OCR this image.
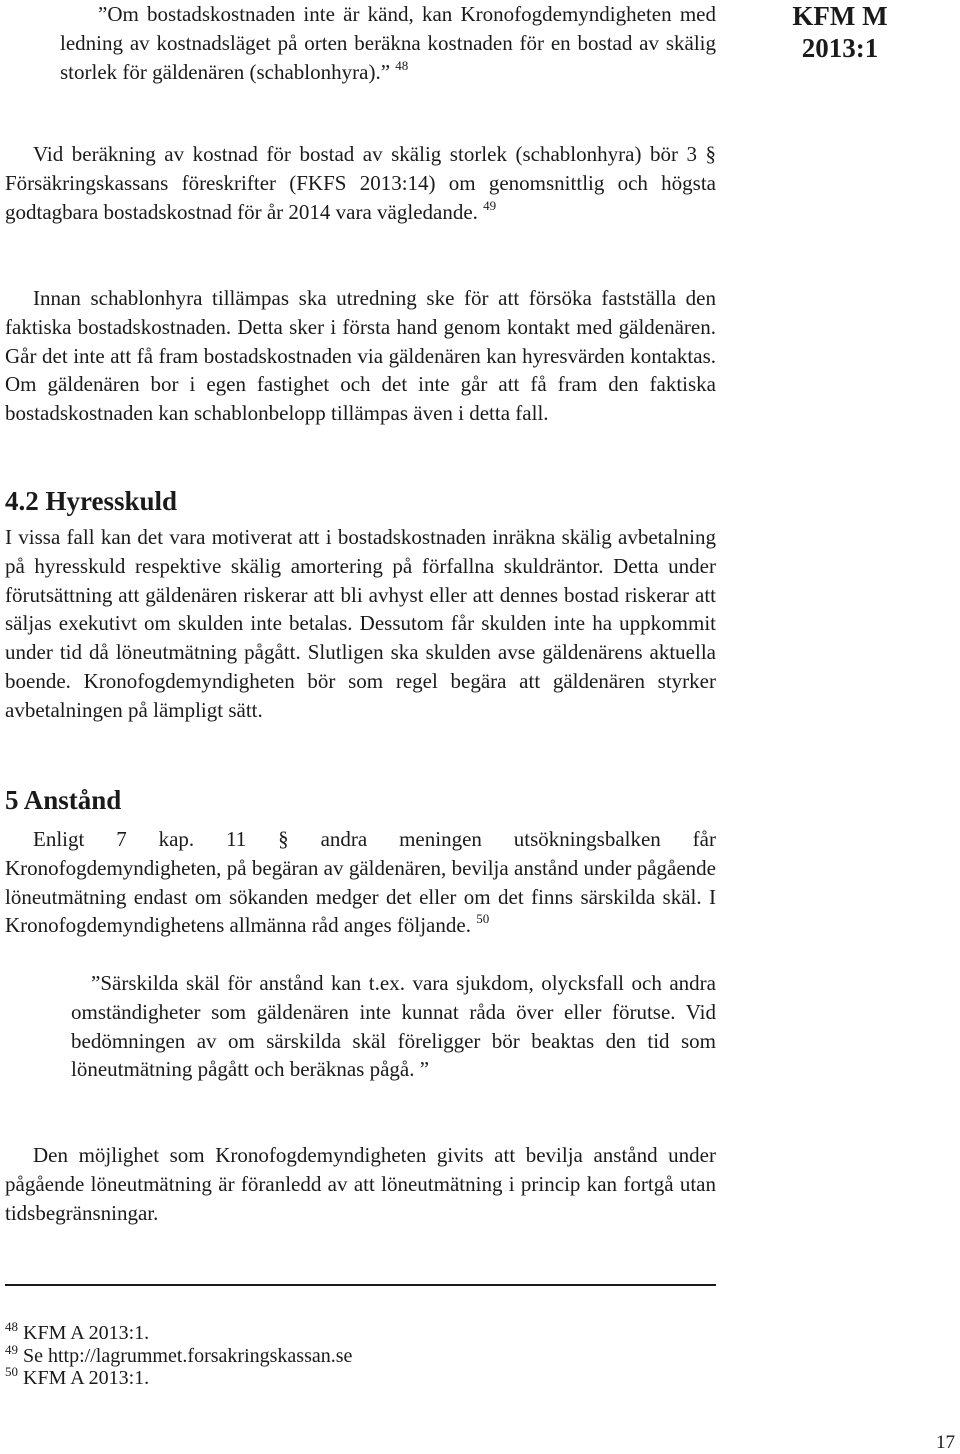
KFM M
2013:1

”Om bostadskostnaden inte är känd, kan Kronofogdemyndigheten med ledning av kostnadsläget på orten beräkna kostnaden för en bostad av skälig storlek för gäldenären (schablonhyra).” $^{48}$

Vid beräkning av kostnad för bostad av skälig storlek (schablonhyra) bör 3 § Försäkringskassans föreskrifter (FKFS 2013:14) om genomsnittlig och högsta godtagbara bostadskostnad för år 2014 vara vägledande. $^{49}$

Innan schablonhyra tillämpas ska utredning ske för att försöka fastställa den faktiska bostadskostnaden. Detta sker i första hand genom kontakt med gäldenären. Går det inte att få fram bostadskostnaden via gäldenären kan hyresvärden kontaktas. Om gäldenären bor i egen fastighet och det inte går att få fram den faktiska bostadskostnaden kan schablonbelopp tillämpas även i detta fall.

4.2 Hyresskuld

I vissa fall kan det vara motiverat att i bostadskostnaden inräkna skälig avbetalning på hyresskuld respektive skälig amortering på förfallna skuldräntor. Detta under förutsättning att gäldenären riskerar att bli avhyst eller att dennes bostad riskerar att säljas exekutivt om skulden inte betalas. Dessutom får skulden inte ha uppkommit under tid då löneutmätning pågått. Slutligen ska skulden avse gäldenärens aktuella boende. Kronofogdemyndigheten bör som regel begära att gäldenären styrker avbetalningen på lämpligt sätt.

5 Anstånd

Enligt 7 kap. 11 § andra meningen utsökningsbalken får Kronofogdemyndigheten, på begäran av gäldenären, bevilja anstånd under pågående löneutmätning endast om sökanden medger det eller om det finns särskilda skäl. I Kronofogdemyndighetens allmänna råd anges följande. $^{50}$

”Särskilda skäl för anstånd kan t.ex. vara sjukdom, olycksfall och andra omständigheter som gäldenären inte kunnat råda över eller förutse. Vid bedömningen av om särskilda skäl föreligger bör beaktas den tid som löneutmätning pågått och beräknas pågå. ”

Den möjlighet som Kronofogdemyndigheten givits att bevilja anstånd under pågående löneutmätning är föranledd av att löneutmätning i princip kan fortgå utan tidsbegränsningar.

$^{48}$ KFM A 2013:1.

$^{49}$ Se http://lagrummet.forsakringskassan.se

$^{50}$ KFM A 2013:1.

17
